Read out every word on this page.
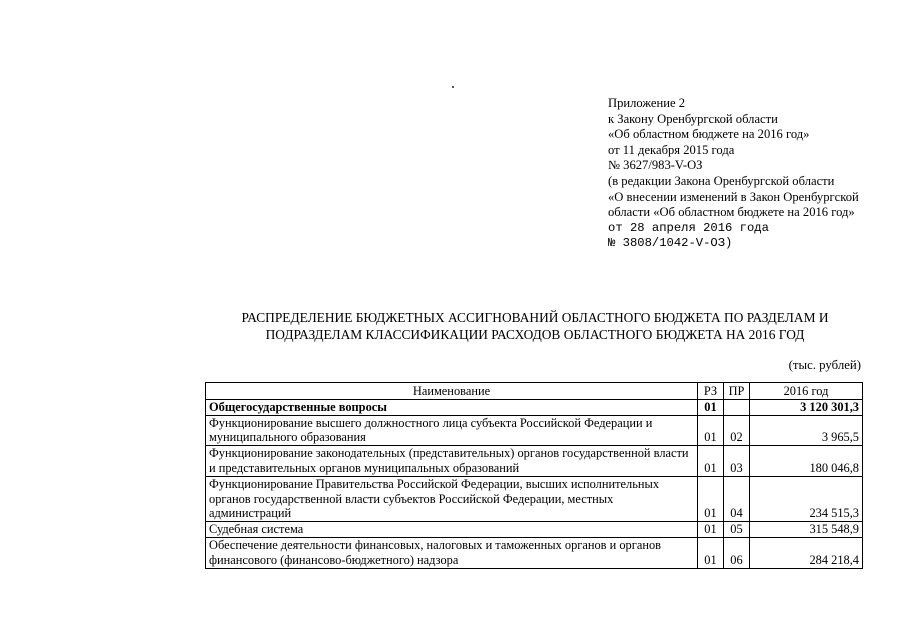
Приложение 2
к Закону Оренбургской области
«Об областном бюджете на 2016 год»
от 11 декабря 2015 года
№ 3627/983-V-ОЗ
(в редакции Закона Оренбургской области
«О внесении изменений в Закон Оренбургской
области «Об областном бюджете на 2016 год»
от 28 апреля 2016 года
№ 3808/1042-V-ОЗ)
РАСПРЕДЕЛЕНИЕ БЮДЖЕТНЫХ АССИГНОВАНИЙ ОБЛАСТНОГО БЮДЖЕТА ПО РАЗДЕЛАМ И
ПОДРАЗДЕЛАМ КЛАССИФИКАЦИИ РАСХОДОВ ОБЛАСТНОГО БЮДЖЕТА НА 2016 ГОД
(тыс. рублей)
Наименование	РЗ	ПР	2016 год
Общегосударственные вопросы	01		3 120 301,3
Функционирование высшего должностного лица субъекта Российской Федерации и муниципального образования	01	02	3 965,5
Функционирование законодательных (представительных) органов государственной власти и представительных органов муниципальных образований	01	03	180 046,8
Функционирование Правительства Российской Федерации, высших исполнительных органов государственной власти субъектов Российской Федерации, местных администраций	01	04	234 515,3
Судебная система	01	05	315 548,9
Обеспечение деятельности финансовых, налоговых и таможенных органов и органов финансового (финансово-бюджетного) надзора	01	06	284 218,4
